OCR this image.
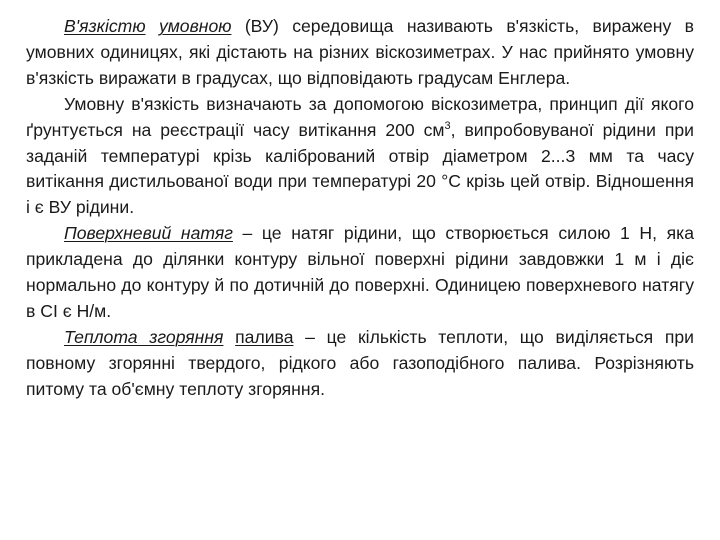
В'язкістю умовною (ВУ) середовища називають в'язкість, виражену в умовних одиницях, які дістають на різних віскозиметрах. У нас прийнято умовну в'язкість виражати в градусах, що відповідають градусам Енглера.

Умовну в'язкість визначають за допомогою віскозиметра, принцип дії якого ґрунтується на реєстрації часу витікання 200 $см^3$, випробовуваної рідини при заданій температурі крізь калібрований отвір діаметром 2...3 мм та часу витікання дистильованої води при температурі 20 °С крізь цей отвір. Відношення і є ВУ рідини.

Поверхневий натяг – це натяг рідини, що створюється силою 1 Н, яка прикладена до ділянки контуру вільної поверхні рідини завдовжки 1 м і діє нормально до контуру й по дотичній до поверхні. Одиницею поверхневого натягу в СІ є Н/м.

Теплота згоряння палива – це кількість теплоти, що виділяється при повному згорянні твердого, рідкого або газоподібного палива. Розрізняють питому та об'ємну теплоту згоряння.
